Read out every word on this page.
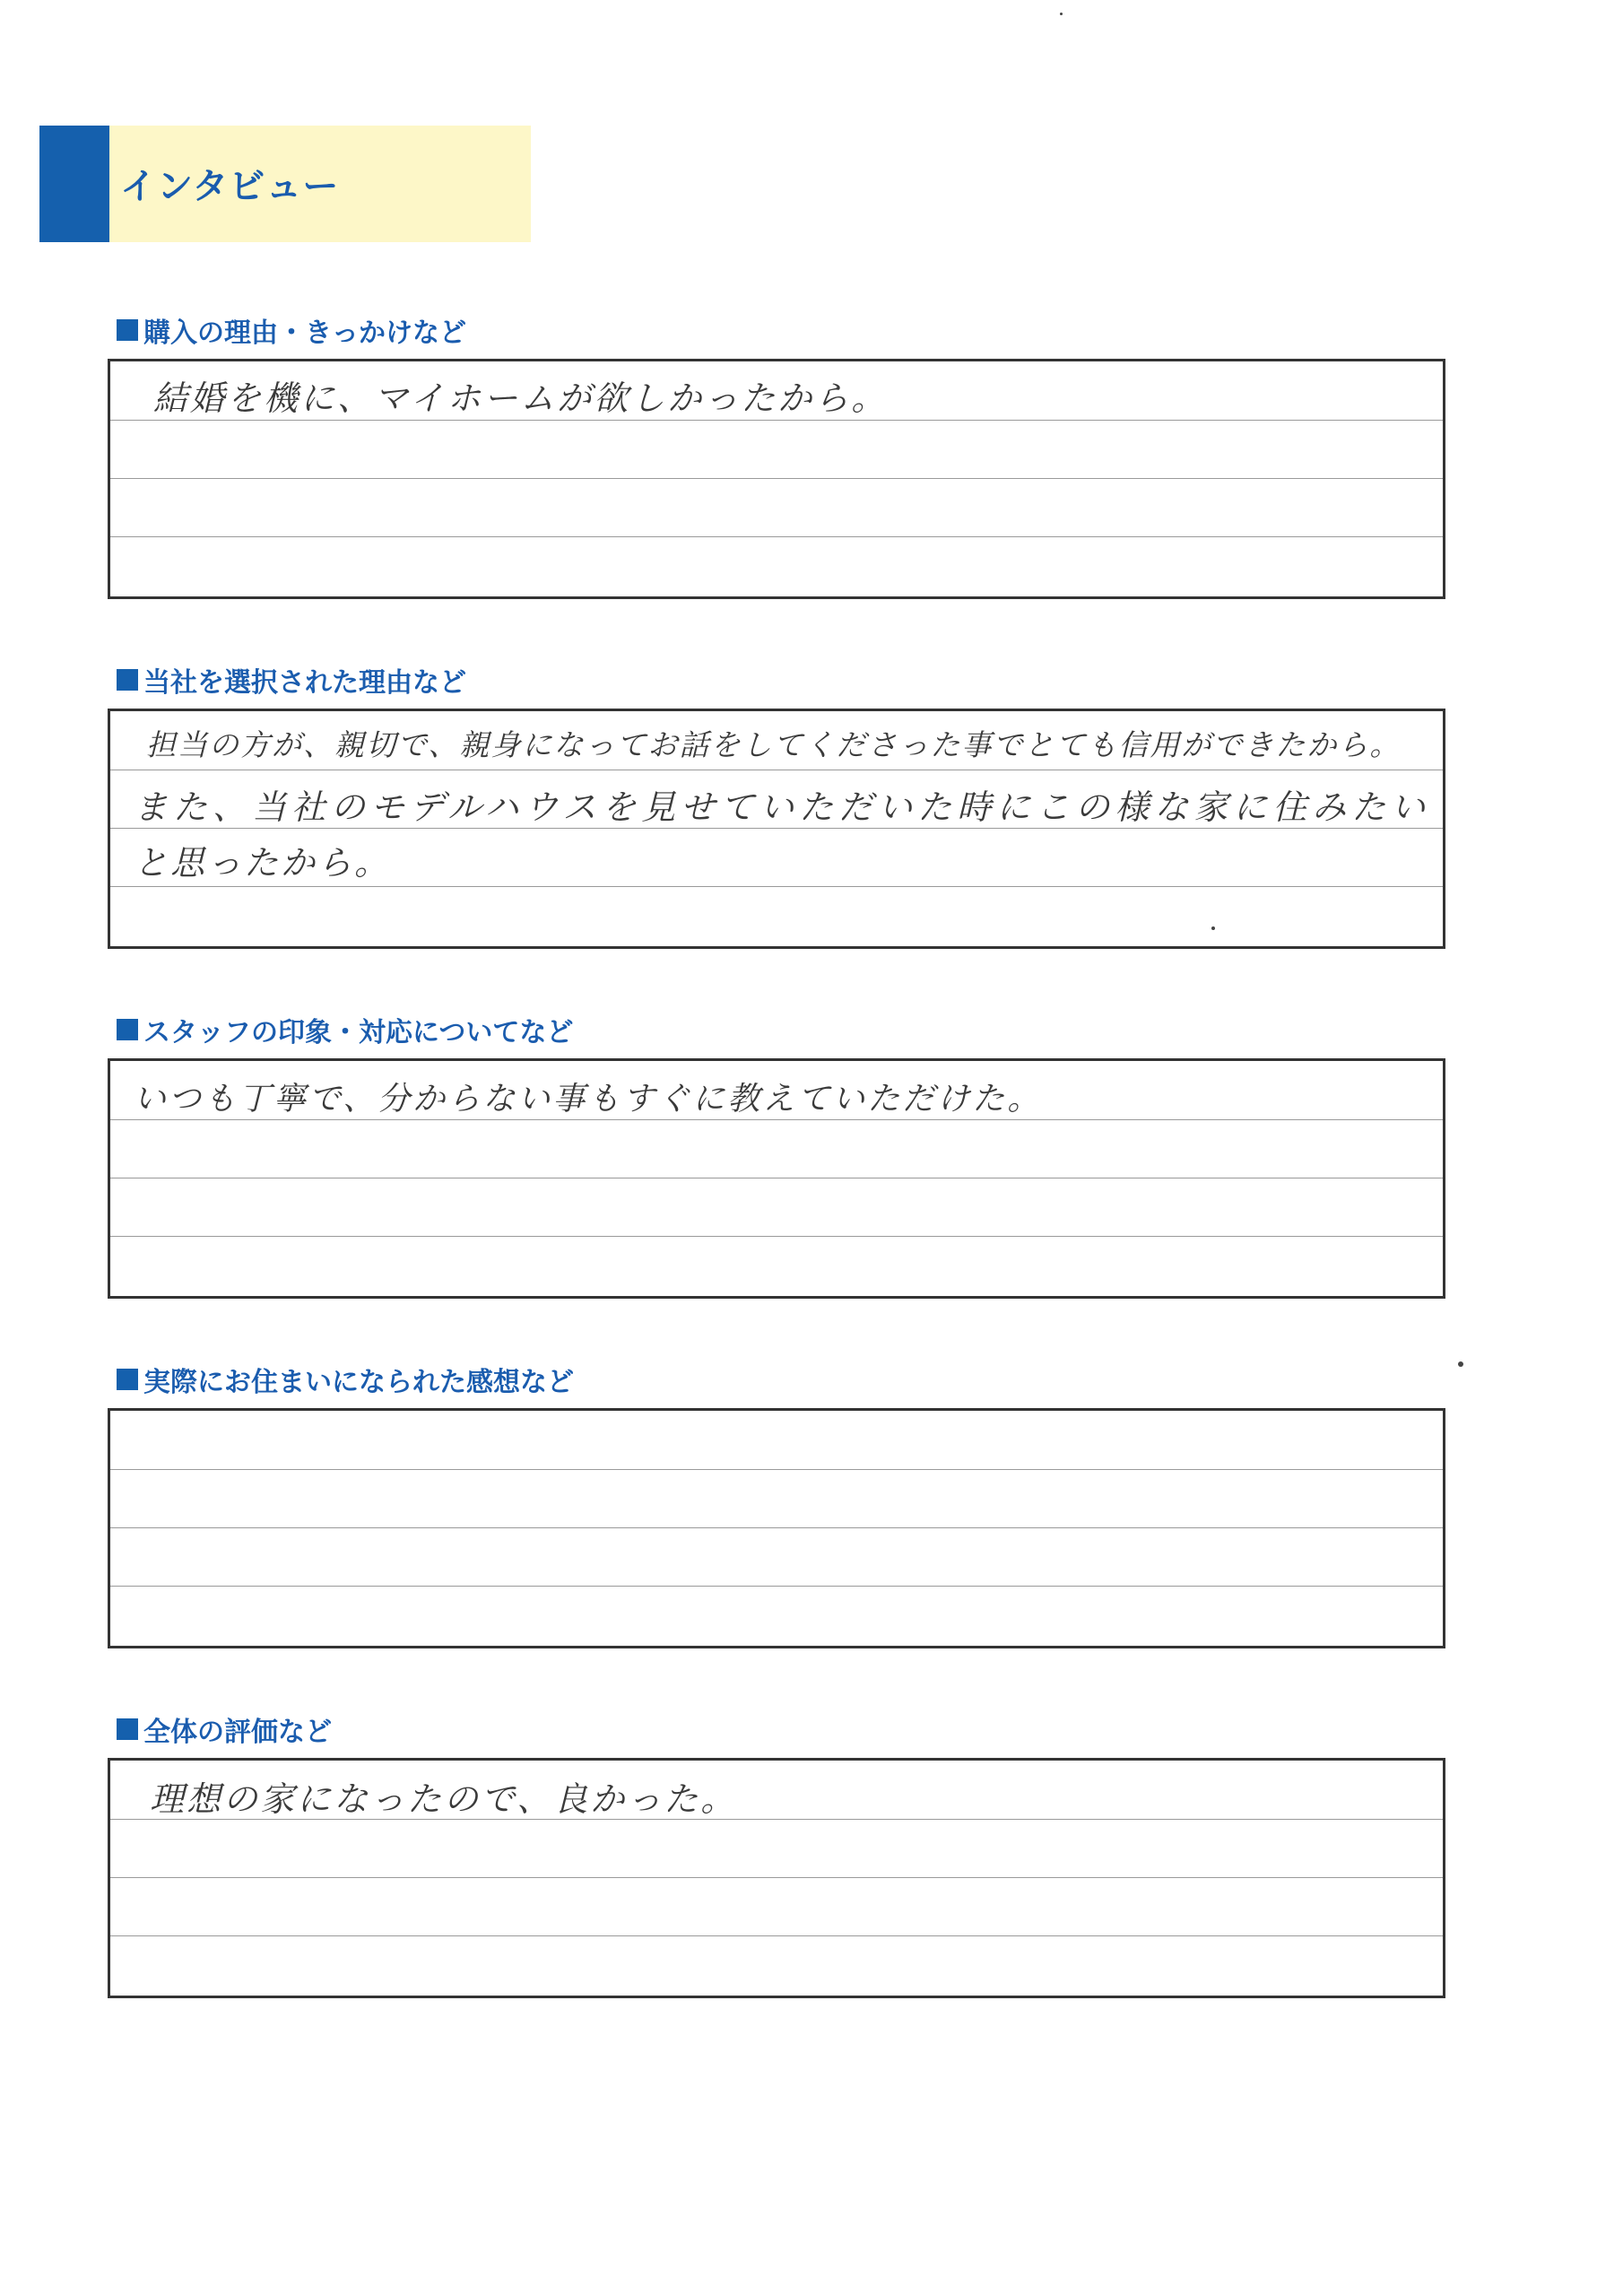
インタビュー
購入の理由・きっかけなど
結婚を機に、マイホームが欲しかったから。
当社を選択された理由など
担当の方が、親切で、親身になってお話をしてくださった事でとても信用ができたから。
また、当社のモデルハウスを見せていただいた時にこの様な家に住みたい
と思ったから。
スタッフの印象・対応についてなど
いつも丁寧で、分からない事もすぐに教えていただけた。
実際にお住まいになられた感想など
全体の評価など
理想の家になったので、良かった。
